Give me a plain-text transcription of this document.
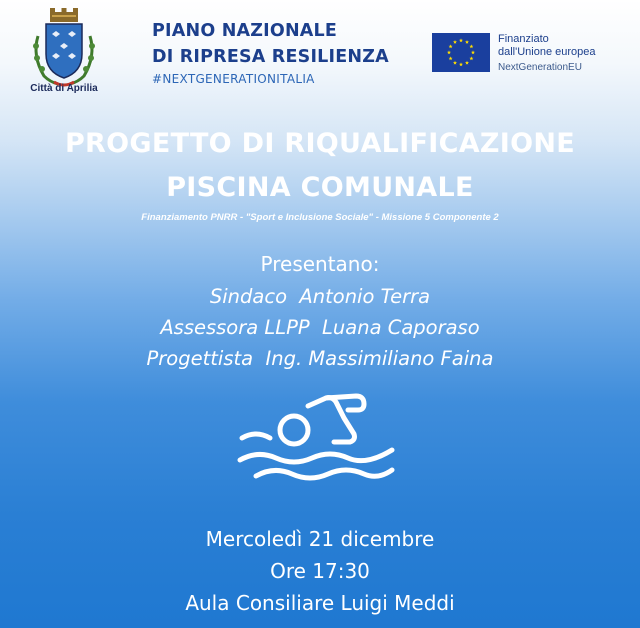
Città di Aprilia
PIANO NAZIONALE
DI RIPRESA RESILIENZA
#NEXTGENERATIONITALIA
Finanziato
dall'Unione europea
NextGenerationEU
PROGETTO DI RIQUALIFICAZIONE
PISCINA COMUNALE
Finanziamento PNRR - "Sport e Inclusione Sociale" - Missione 5 Componente 2
Presentano:
Sindaco  Antonio Terra
Assessora LLPP  Luana Caporaso
Progettista  Ing. Massimiliano Faina
Mercoledì 21 dicembre
Ore 17:30
Aula Consiliare Luigi Meddi
